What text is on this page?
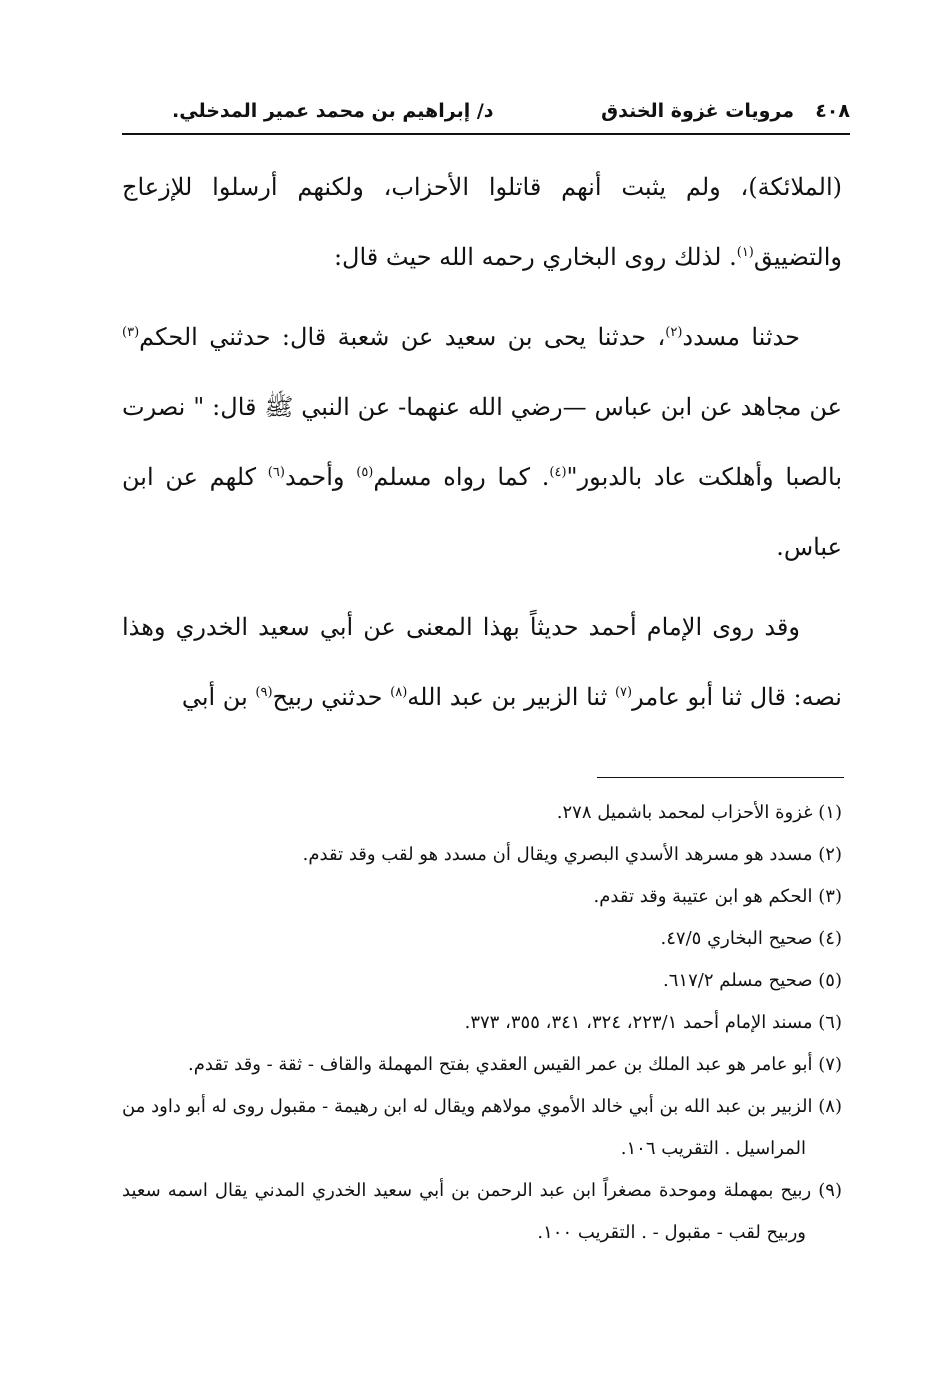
٤٠٨
مرويات غزوة الخندق
د/ إبراهيم بن محمد عمير المدخلي.

(الملائكة)، ولم يثبت أنهم قاتلوا الأحزاب، ولكنهم أرسلوا للإزعاج والتضييق$^{(١)}$. لذلك روى البخاري رحمه الله حيث قال:

حدثنا مسدد$^{(٢)}$، حدثنا يحى بن سعيد عن شعبة قال: حدثني الحكم$^{(٣)}$ عن مجاهد عن ابن عباس —رضي الله عنهما- عن النبي ﷺ قال: " نصرت بالصبا وأهلكت عاد بالدبور"$^{(٤)}$. كما رواه مسلم$^{(٥)}$ وأحمد$^{(٦)}$ كلهم عن ابن عباس.

وقد روى الإمام أحمد حديثاً بهذا المعنى عن أبي سعيد الخدري وهذا نصه: قال ثنا أبو عامر$^{(٧)}$ ثنا الزبير بن عبد الله$^{(٨)}$ حدثني ربيح$^{(٩)}$ بن أبي

(١) غزوة الأحزاب لمحمد باشميل ٢٧٨.

(٢) مسدد هو مسرهد الأسدي البصري ويقال أن مسدد هو لقب وقد تقدم.

(٣) الحكم هو ابن عتيبة وقد تقدم.

(٤) صحيح البخاري ٤٧/٥.

(٥) صحيح مسلم ٦١٧/٢.

(٦) مسند الإمام أحمد ٢٢٣/١، ٣٢٤، ٣٤١، ٣٥٥، ٣٧٣.

(٧) أبو عامر هو عبد الملك بن عمر القيس العقدي بفتح المهملة والقاف - ثقة - وقد تقدم.

(٨) الزبير بن عبد الله بن أبي خالد الأموي مولاهم ويقال له ابن رهيمة - مقبول روى له أبو داود من المراسيل . التقريب ١٠٦.

(٩) ربيح بمهملة وموحدة مصغراً ابن عبد الرحمن بن أبي سعيد الخدري المدني يقال اسمه سعيد وربيح لقب - مقبول - . التقريب ١٠٠.
